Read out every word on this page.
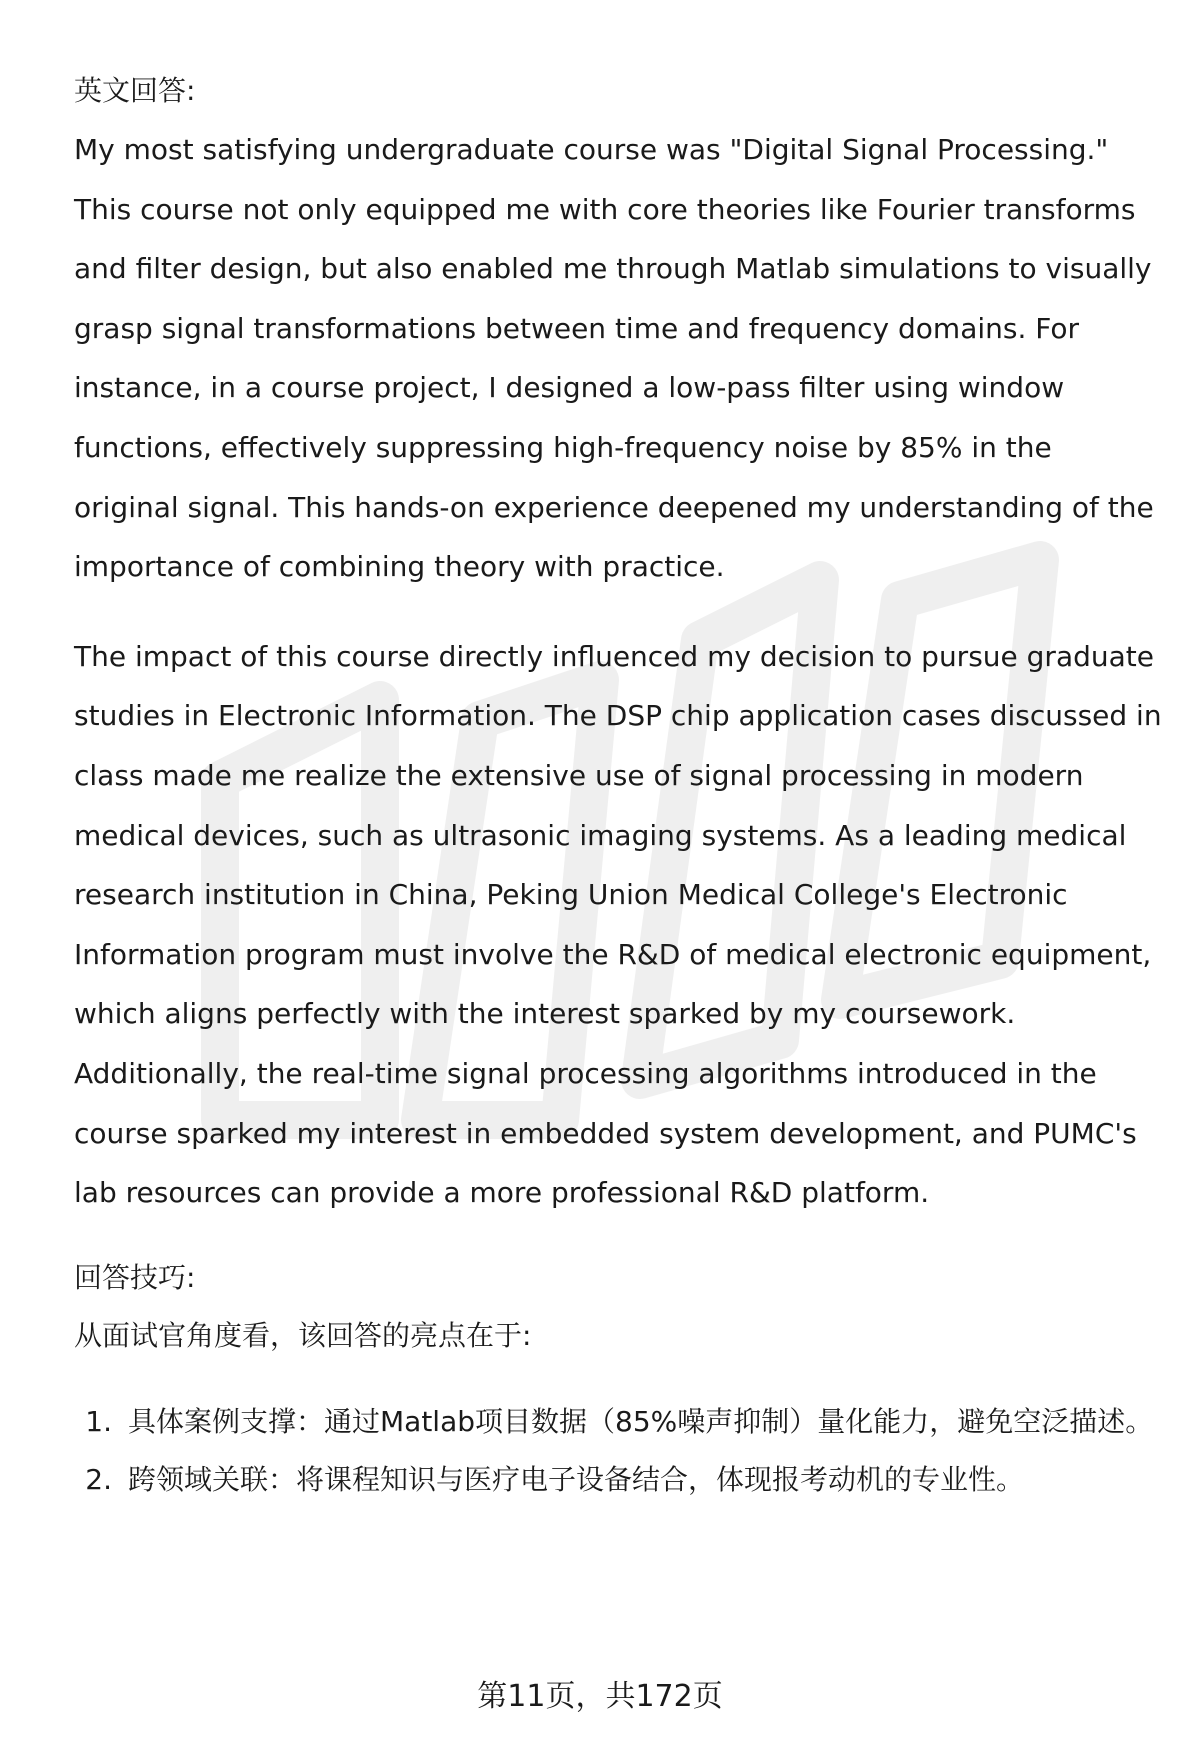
英文回答:

My most satisfying undergraduate course was "Digital Signal Processing." This course not only equipped me with core theories like Fourier transforms and filter design, but also enabled me through Matlab simulations to visually grasp signal transformations between time and frequency domains. For instance, in a course project, I designed a low-pass filter using window functions, effectively suppressing high-frequency noise by 85% in the original signal. This hands-on experience deepened my understanding of the importance of combining theory with practice.

The impact of this course directly influenced my decision to pursue graduate studies in Electronic Information. The DSP chip application cases discussed in class made me realize the extensive use of signal processing in modern medical devices, such as ultrasonic imaging systems. As a leading medical research institution in China, Peking Union Medical College's Electronic Information program must involve the R&D of medical electronic equipment, which aligns perfectly with the interest sparked by my coursework. Additionally, the real-time signal processing algorithms introduced in the course sparked my interest in embedded system development, and PUMC's lab resources can provide a more professional R&D platform.

回答技巧:

从面试官角度看，该回答的亮点在于:

1. 具体案例支撑：通过Matlab项目数据（85%噪声抑制）量化能力，避免空泛描述。
2. 跨领域关联：将课程知识与医疗电子设备结合，体现报考动机的专业性。
第11页，共172页
